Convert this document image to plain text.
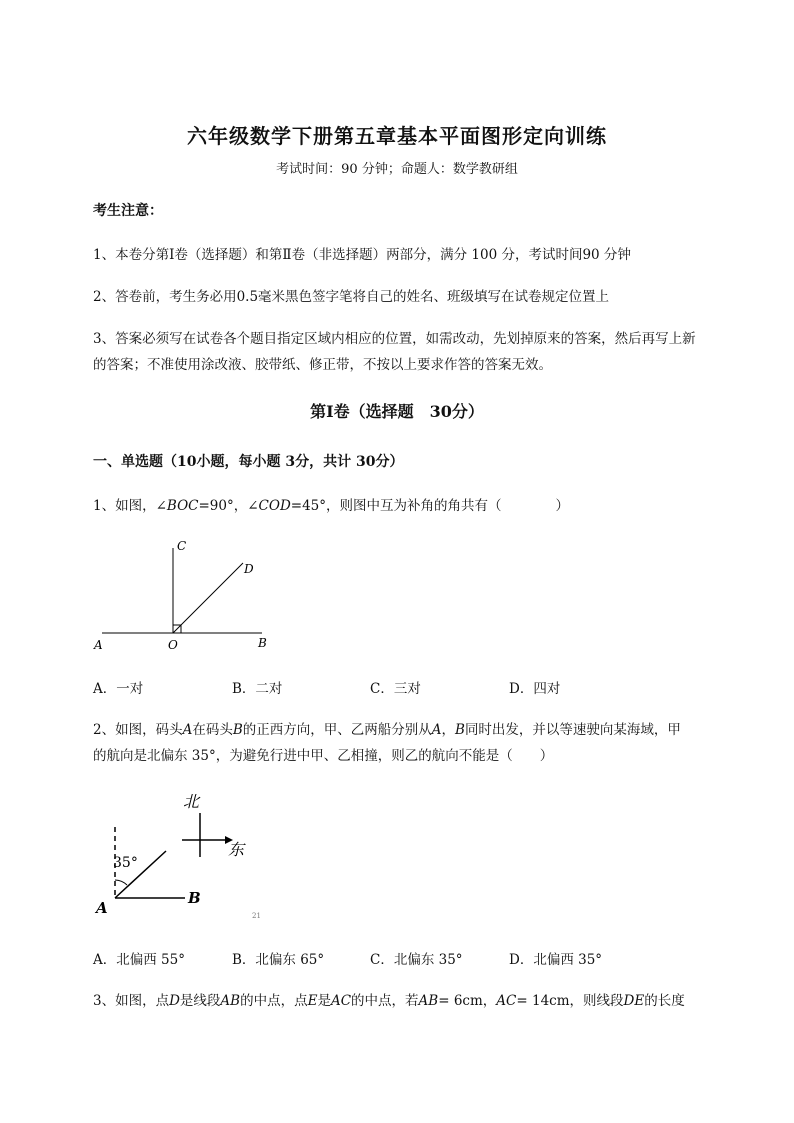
六年级数学下册第五章基本平面图形定向训练
考试时间：90 分钟；命题人：数学教研组
考生注意：
1、本卷分第Ⅰ卷（选择题）和第Ⅱ卷（非选择题）两部分，满分 100 分，考试时间90 分钟
2、答卷前，考生务必用0.5毫米黑色签字笔将自己的姓名、班级填写在试卷规定位置上
3、答案必须写在试卷各个题目指定区域内相应的位置，如需改动，先划掉原来的答案，然后再写上新
的答案；不准使用涂改液、胶带纸、修正带，不按以上要求作答的答案无效。
第Ⅰ卷（选择题　30分）
一、单选题（10小题，每小题 3分，共计 30分）
1、如图，∠BOC=90°，∠COD=45°，则图中互为补角的角共有（　　　　）
C
D
A	O	B
A．一对	B．二对	C．三对	D．四对
2、如图，码头A在码头B的正西方向，甲、乙两船分别从A，B同时出发，并以等速驶向某海域，甲
的航向是北偏东 35°，为避免行进中甲、乙相撞，则乙的航向不能是（　　）
35°
A
B
北
东
21
A．北偏西 55°	B．北偏东 65°	C．北偏东 35°	D．北偏西 35°
3、如图，点D是线段AB的中点，点E是AC的中点，若AB= 6cm，AC= 14cm，则线段DE的长度
